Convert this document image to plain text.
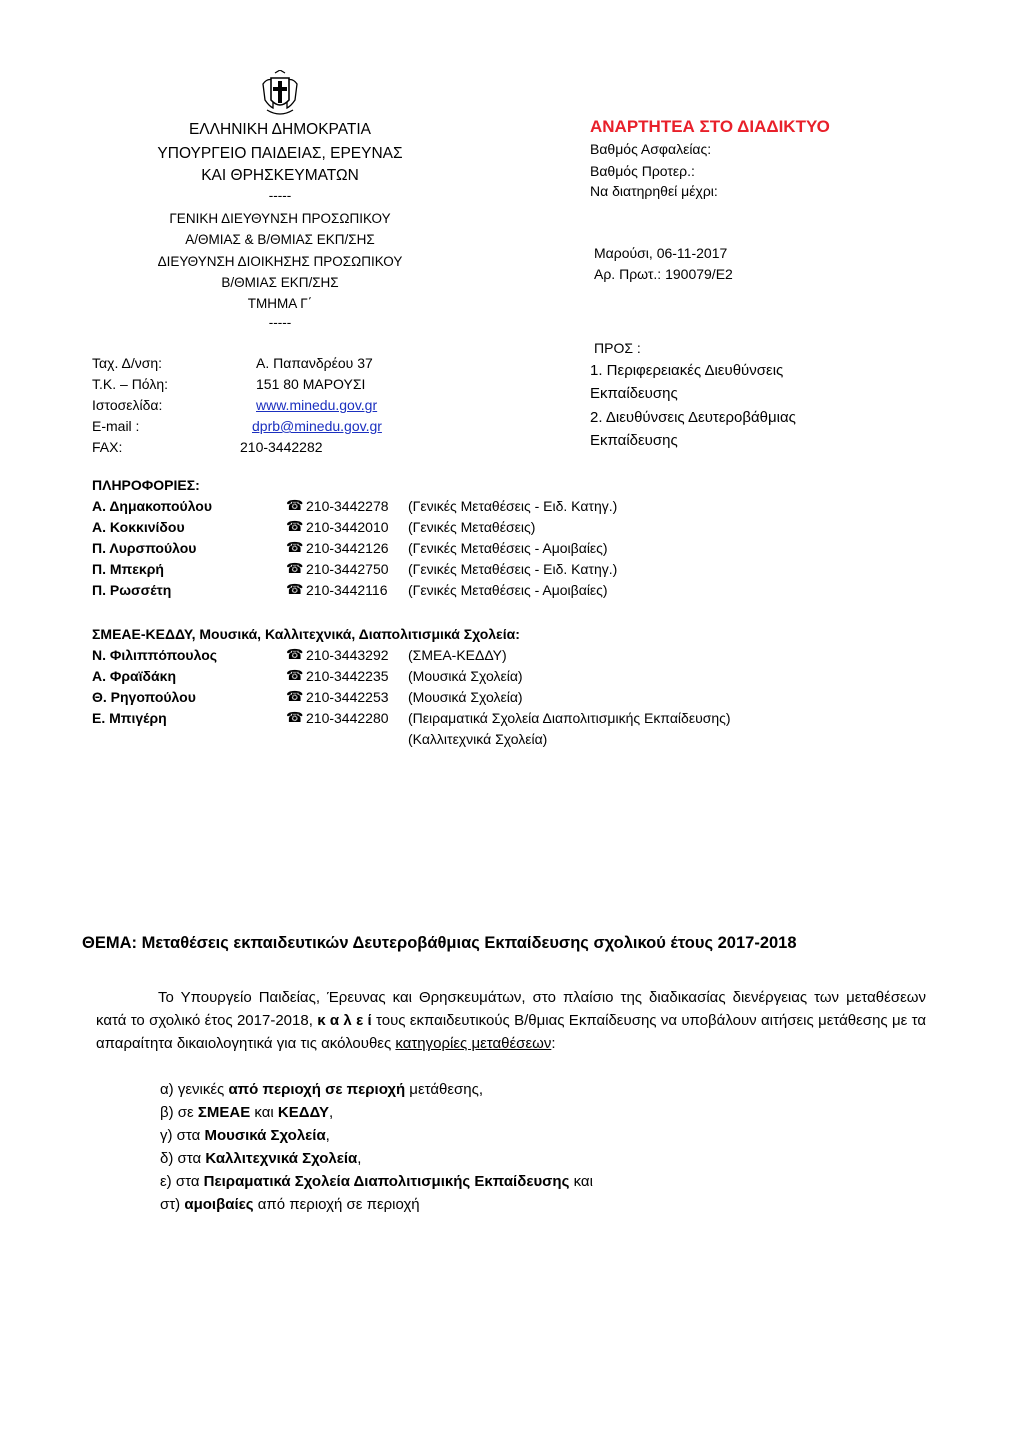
ΕΛΛΗΝΙΚΗ ΔΗΜΟΚΡΑΤΙΑ
ΥΠΟΥΡΓΕΙΟ ΠΑΙΔΕΙΑΣ, ΕΡΕΥΝΑΣ
ΚΑΙ ΘΡΗΣΚΕΥΜΑΤΩΝ
-----
ΓΕΝΙΚΗ ΔΙΕΥΘΥΝΣΗ ΠΡΟΣΩΠΙΚΟΥ
Α/ΘΜΙΑΣ & Β/ΘΜΙΑΣ ΕΚΠ/ΣΗΣ
ΔΙΕΥΘΥΝΣΗ ΔΙΟΙΚΗΣΗΣ ΠΡΟΣΩΠΙΚΟΥ
Β/ΘΜΙΑΣ ΕΚΠ/ΣΗΣ
ΤΜΗΜΑ Γ΄
-----
ΑΝΑΡΤΗΤΕΑ ΣΤΟ ΔΙΑΔΙΚΤΥΟ
Βαθμός Ασφαλείας:
Βαθμός Προτερ.:
Να διατηρηθεί μέχρι:
Μαρούσι, 06-11-2017
Αρ. Πρωτ.: 190079/Ε2
ΠΡΟΣ :
1. Περιφερειακές Διευθύνσεις
Εκπαίδευσης
2. Διευθύνσεις Δευτεροβάθμιας
Εκπαίδευσης
Ταχ. Δ/νση:	Α. Παπανδρέου 37
Τ.Κ. – Πόλη:	151 80 ΜΑΡΟΥΣΙ
Ιστοσελίδα:	www.minedu.gov.gr
E-mail :	dprb@minedu.gov.gr
FAX:	210-3442282
ΠΛΗΡΟΦΟΡΙΕΣ:
Α. Δημακοπούλου	☎ 210-3442278 (Γενικές Μεταθέσεις - Ειδ. Κατηγ.)
Α. Κοκκινίδου	☎ 210-3442010 (Γενικές Μεταθέσεις)
Π. Λυρσπούλου	☎ 210-3442126 (Γενικές Μεταθέσεις - Αμοιβαίες)
Π. Μπεκρή	☎ 210-3442750 (Γενικές Μεταθέσεις - Ειδ. Κατηγ.)
Π. Ρωσσέτη	☎ 210-3442116 (Γενικές Μεταθέσεις - Αμοιβαίες)
ΣΜΕΑΕ-ΚΕΔΔΥ, Μουσικά, Καλλιτεχνικά, Διαπολιτισμικά Σχολεία:
Ν. Φιλιππόπουλος	☎ 210-3443292 (ΣΜΕΑ-ΚΕΔΔΥ)
Α. Φραϊδάκη	☎ 210-3442235 (Μουσικά Σχολεία)
Θ. Ρηγοπούλου	☎ 210-3442253 (Μουσικά Σχολεία)
Ε. Μπιγέρη	☎ 210-3442280 (Πειραματικά Σχολεία Διαπολιτισμικής Εκπαίδευσης)
(Καλλιτεχνικά Σχολεία)
ΘΕΜΑ: Μεταθέσεις εκπαιδευτικών Δευτεροβάθμιας Εκπαίδευσης σχολικού έτους 2017-2018
Το Υπουργείο Παιδείας, Έρευνας και Θρησκευμάτων, στο πλαίσιο της διαδικασίας διενέργειας των μεταθέσεων κατά το σχολικό έτος 2017-2018, κ α λ ε ί τους εκπαιδευτικούς Β/θμιας Εκπαίδευσης να υποβάλουν αιτήσεις μετάθεσης με τα απαραίτητα δικαιολογητικά για τις ακόλουθες κατηγορίες μεταθέσεων:
α) γενικές από περιοχή σε περιοχή μετάθεσης,
β) σε ΣΜΕΑΕ και ΚΕΔΔΥ,
γ) στα Μουσικά Σχολεία,
δ) στα Καλλιτεχνικά Σχολεία,
ε) στα Πειραματικά Σχολεία Διαπολιτισμικής Εκπαίδευσης και
στ) αμοιβαίες από περιοχή σε περιοχή
